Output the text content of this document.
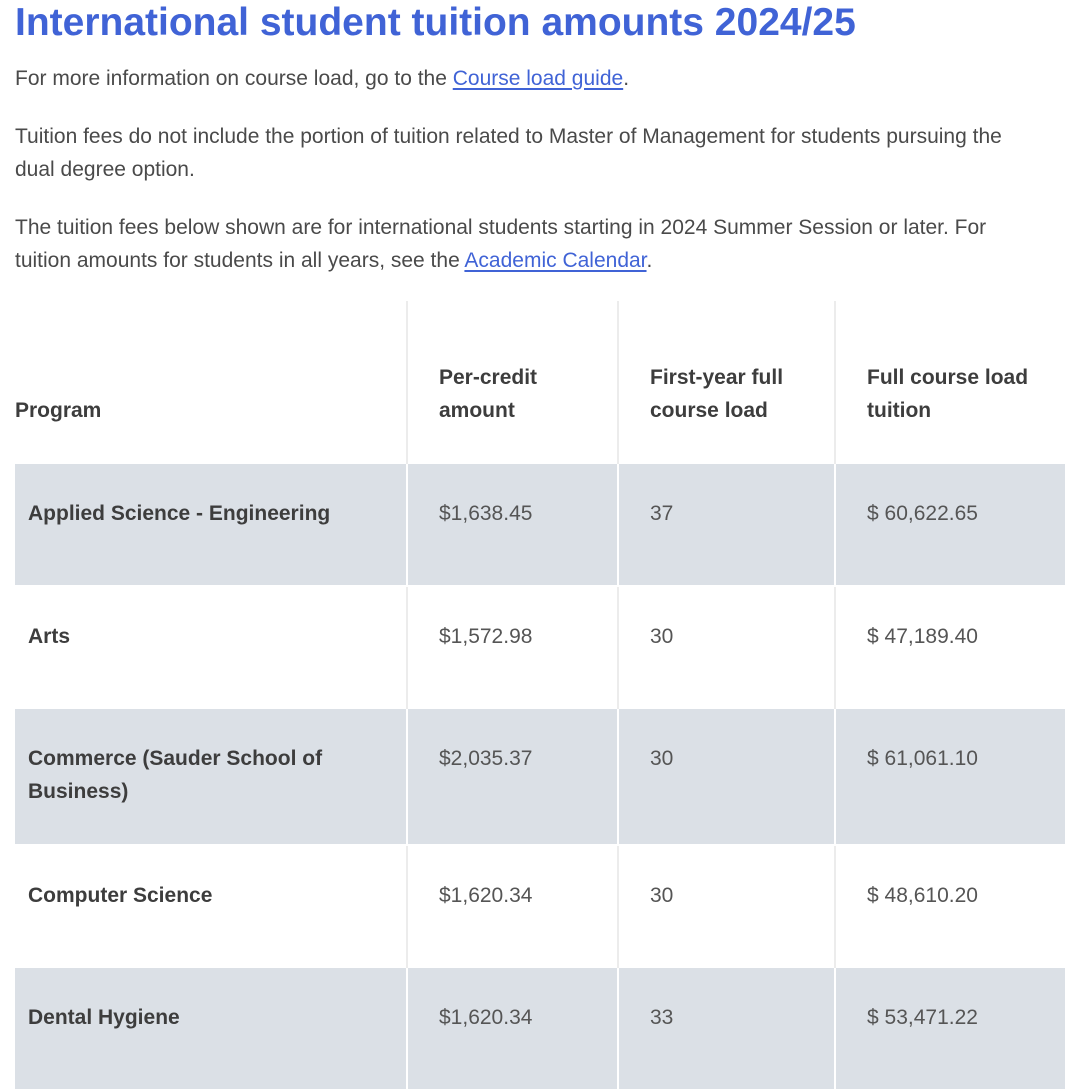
International student tuition amounts 2024/25

For more information on course load, go to the Course load guide.

Tuition fees do not include the portion of tuition related to Master of Management for students pursuing the dual degree option.

The tuition fees below shown are for international students starting in 2024 Summer Session or later. For tuition amounts for students in all years, see the Academic Calendar.

Program	Per-credit amount	First-year full course load	Full course load tuition
Applied Science - Engineering	$1,638.45	37	$ 60,622.65
Arts	$1,572.98	30	$ 47,189.40
Commerce (Sauder School of Business)	$2,035.37	30	$ 61,061.10
Computer Science	$1,620.34	30	$ 48,610.20
Dental Hygiene	$1,620.34	33	$ 53,471.22
